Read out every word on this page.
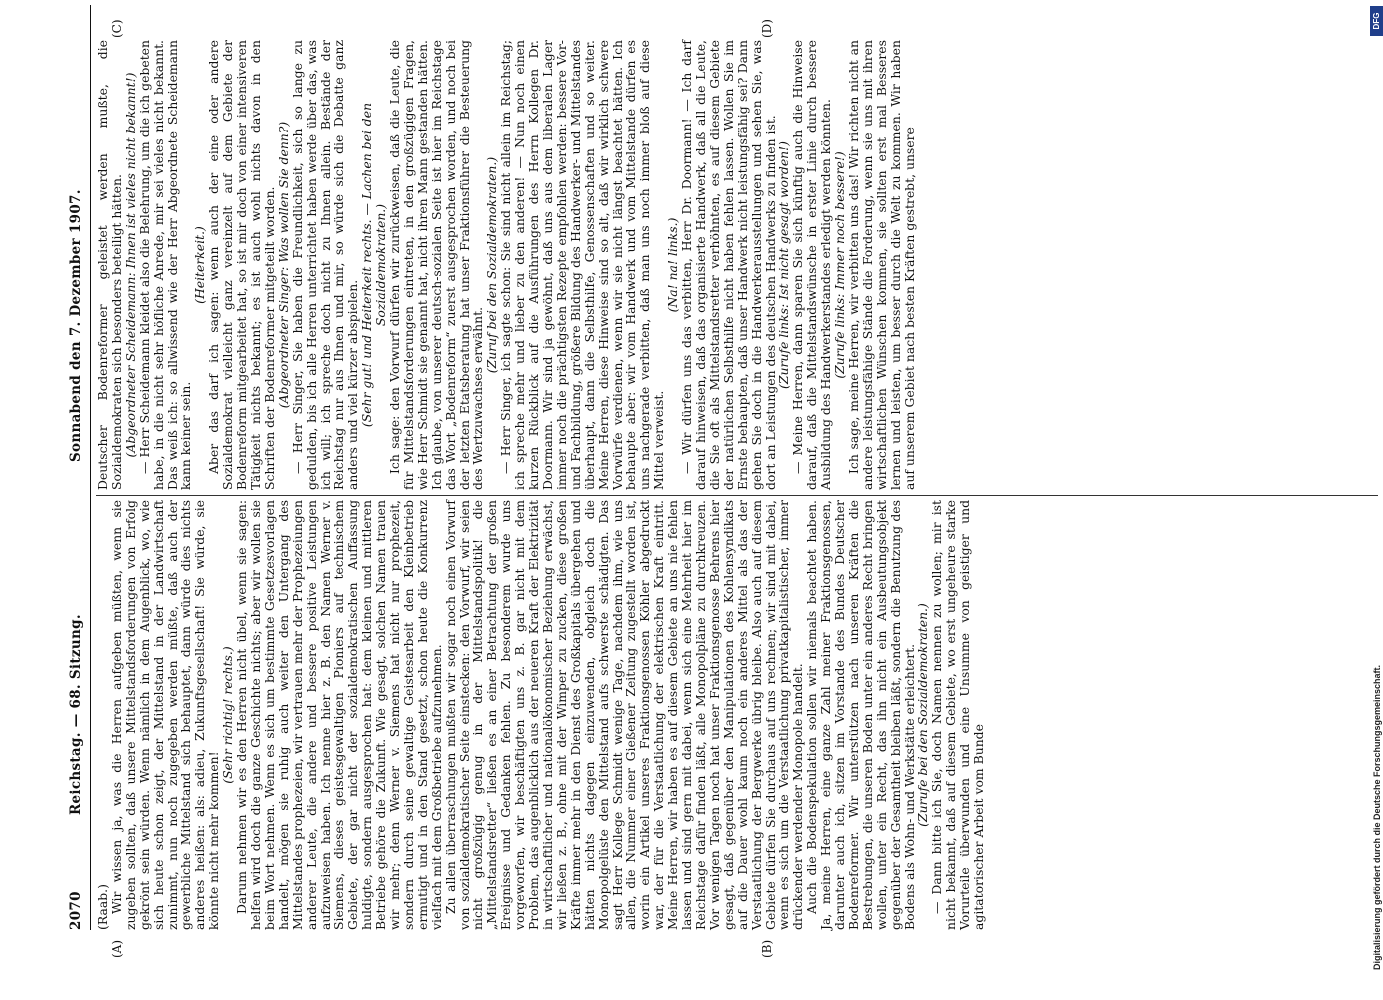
2070
Reichstag. — 68. Sitzung.
Sonnabend den 7. Dezember 1907.
(A)	(B)
(C)	(D)

(Raab.)

Wir wissen ja, was die Herren aufgeben müßten, wenn sie zugeben sollten, daß unsere Mittelstandsforderungen von Erfolg gekrönt sein würden. Wenn nämlich in dem Augenblick, wo, wie sich heute schon zeigt, der Mittelstand in der Landwirtschaft zunimmt, nun noch zugegeben werden müßte, daß auch der gewerbliche Mittelstand sich behauptet, dann würde dies nichts anderes heißen: als: adieu, Zukunftsgesellschaft! Sie würde, sie könnte nicht mehr kommen!

(Sehr richtig! rechts.)

Darum nehmen wir es den Herren nicht übel, wenn sie sagen: helfen wird doch die ganze Geschichte nichts; aber wir wollen sie beim Wort nehmen. Wenn es sich um bestimmte Gesetzesvorlagen handelt, mögen sie ruhig auch weiter den Untergang des Mittelstandes prophezeien, wir vertrauen mehr der Prophezeiungen anderer Leute, die andere und bessere positive Leistungen aufzuweisen haben. Ich nenne hier z. B. den Namen Werner v. Siemens, dieses geistesgewaltigen Pioniers auf technischem Gebiete, der gar nicht der sozialdemokratischen Auffassung huldigte, sondern ausgesprochen hat: dem kleinen und mittleren Betriebe gehöre die Zukunft. Wie gesagt, solchen Namen trauen wir mehr; denn Werner v. Siemens hat nicht nur prophezeit, sondern durch seine gewaltige Geistesarbeit den Kleinbetrieb ermutigt und in den Stand gesetzt, schon heute die Konkurrenz vielfach mit dem Großbetriebe aufzunehmen.

Zu allen überraschungen mußten wir sogar noch einen Vorwurf von sozialdemokratischer Seite einstecken: den Vorwurf, wir seien nicht großzügig genug in der Mittelstandspolitik! die „Mittelstandsretter“ ließen es an einer Betrachtung der großen Ereignisse und Gedanken fehlen. Zu besonderem wurde uns vorgeworfen, wir beschäftigten uns z. B. gar nicht mit dem Problem, das augenblicklich aus der neueren Kraft der Elektrizität in wirtschaftlicher und nationalökonomischer Beziehung erwächst, wir ließen z. B., ohne mit der Wimper zu zucken, diese großen Kräfte immer mehr in den Dienst des Großkapitals übergehen und hätten nichts dagegen einzuwenden, obgleich doch die Monopolgelüste den Mittelstand aufs schwerste schädigten. Das sagt Herr Kollege Schmidt wenige Tage, nachdem ihm, wie uns allen, die Nummer einer Gießener Zeitung zugestellt worden ist, worin ein Artikel unseres Fraktionsgenossen Köhler abgedruckt war, der für die Verstaatlichung der elektrischen Kraft eintritt. Meine Herren, wir haben es auf diesem Gebiete an uns nie fehlen lassen und sind gern mit dabei, wenn sich eine Mehrheit hier im Reichstage dafür finden läßt, alle Monopolpläne zu durchkreuzen. Vor wenigen Tagen noch hat unser Fraktionsgenosse Behrens hier gesagt, daß gegenüber den Manipulationen des Kohlensyndikats auf die Dauer wohl kaum noch ein anderes Mittel als das der Verstaatlichung der Bergwerke übrig bleibe. Also auch auf diesem Gebiete dürfen Sie durchaus auf uns rechnen; wir sind mit dabei, wenn es sich um die Verstaatlichung privatkapitalistischer, immer drückender werdender Monopole handelt.

Auch die Bodenspekulation sollen wir niemals beachtet haben. Ja, meine Herren, eine ganze Zahl meiner Fraktionsgenossen, darunter auch ich, sitzen im Vorstande des Bundes Deutscher Bodenreformer. Wir unterstützen nach unseren Kräften die Bestrebungen, die unseren Boden unter ein anderes Recht bringen wollen, unter ein Recht, das ihn nicht ein Ausbeutungsobjekt gegenüber der Gesamtheit bleiben läßt, sondern die Benutzung des Bodens als Wohn- und Werkstätte erleichtert.

(Zurufe bei den Sozialdemokraten.)

— Dann bitte ich Sie, doch Namen nennen zu wollen; mir ist nicht bekannt, daß auf diesem Gebiete, wo erst ungeheure starke Vorurteile überwunden und eine Unsumme von geistiger und agitatorischer Arbeit vom Bunde

Deutscher Bodenreformer geleistet werden mußte, die Sozialdemokraten sich besonders beteiligt hätten.

(Abgeordneter Scheidemann: Ihnen ist vieles nicht bekannt!)

— Herr Scheidemann kleidet also die Belehrung, um die ich gebeten habe, in die nicht sehr höfliche Anrede, mir sei vieles nicht bekannt. Das weiß ich: so allwissend wie der Herr Abgeordnete Scheidemann kann keiner sein.

(Heiterkeit.)

Aber das darf ich sagen: wenn auch der eine oder andere Sozialdemokrat vielleicht ganz vereinzelt auf dem Gebiete der Bodenreform mitgearbeitet hat, so ist mir doch von einer intensiveren Tätigkeit nichts bekannt; es ist auch wohl nichts davon in den Schriften der Bodenreformer mitgeteilt worden.

(Abgeordneter Singer: Was wollen Sie denn?)

— Herr Singer, Sie haben die Freundlichkeit, sich so lange zu gedulden, bis ich alle Herren unterrichtet haben werde über das, was ich will; ich spreche doch nicht zu Ihnen allein. Bestände der Reichstag nur aus Ihnen und mir, so würde sich die Debatte ganz anders und viel kürzer abspielen.

(Sehr gut! und Heiterkeit rechts. — Lachen bei den Sozialdemokraten.)

Ich sage: den Vorwurf dürfen wir zurückweisen, daß die Leute, die für Mittelstandsforderungen eintreten, in den großzügigen Fragen, wie Herr Schmidt sie genannt hat, nicht ihren Mann gestanden hätten. Ich glaube, von unserer deutsch-sozialen Seite ist hier im Reichstage das Wort „Bodenreform“ zuerst ausgesprochen worden, und noch bei der letzten Etatsberatung hat unser Fraktionsführer die Besteuerung des Wertzuwachses erwähnt.

(Zuruf bei den Sozialdemokraten.)

— Herr Singer, ich sagte schon: Sie sind nicht allein im Reichstag; ich spreche mehr und lieber zu den anderen! — Nun noch einen kurzen Rückblick auf die Ausführungen des Herrn Kollegen Dr. Doormann. Wir sind ja gewöhnt, daß uns aus dem liberalen Lager immer noch die prächtigsten Rezepte empfohlen werden: bessere Vor- und Fachbildung, größere Bildung des Handwerker- und Mittelstandes überhaupt, dann die Selbsthilfe, Genossenschaften und so weiter. Meine Herren, diese Hinweise sind so alt, daß wir wirklich schwere Vorwürfe verdienen, wenn wir sie nicht längst beachtet hätten. Ich behaupte aber: wir vom Handwerk und vom Mittelstande dürfen es uns nachgerade verbitten, daß man uns noch immer bloß auf diese Mittel verweist.

(Na! na! links.)

— Wir dürfen uns das verbitten, Herr Dr. Doormann! — Ich darf darauf hinweisen, daß das organisierte Handwerk, daß all die Leute, die Sie oft als Mittelstandsretter verhöhnten, es auf diesem Gebiete der natürlichen Selbsthilfe nicht haben fehlen lassen. Wollen Sie im Ernste behaupten, daß unser Handwerk nicht leistungsfähig sei? Dann gehen Sie doch in die Handwerkerausstellungen und sehen Sie, was dort an Leistungen des deutschen Handwerks zu finden ist.

(Zurufe links: Ist nicht gesagt worden!)

— Meine Herren, dann sparen Sie sich künftig auch die Hinweise darauf, daß die Mittelstandswünsche in erster Linie durch bessere Ausbildung des Handwerkerstandes erledigt werden könnten.

(Zurufe links: Immer noch bessere!)

Ich sage, meine Herren, wir verbitten uns das! Wir richten nicht an andere leistungsfähige Stände die Forderung, wenn sie uns mit ihren wirtschaftlichen Wünschen kommen, sie sollten erst mal Besseres lernen und leisten, um besser durch die Welt zu kommen. Wir haben auf unserem Gebiet nach besten Kräften gestrebt, unsere

DFG
Digitalisierung gefördert durch die Deutsche Forschungsgemeinschaft.
